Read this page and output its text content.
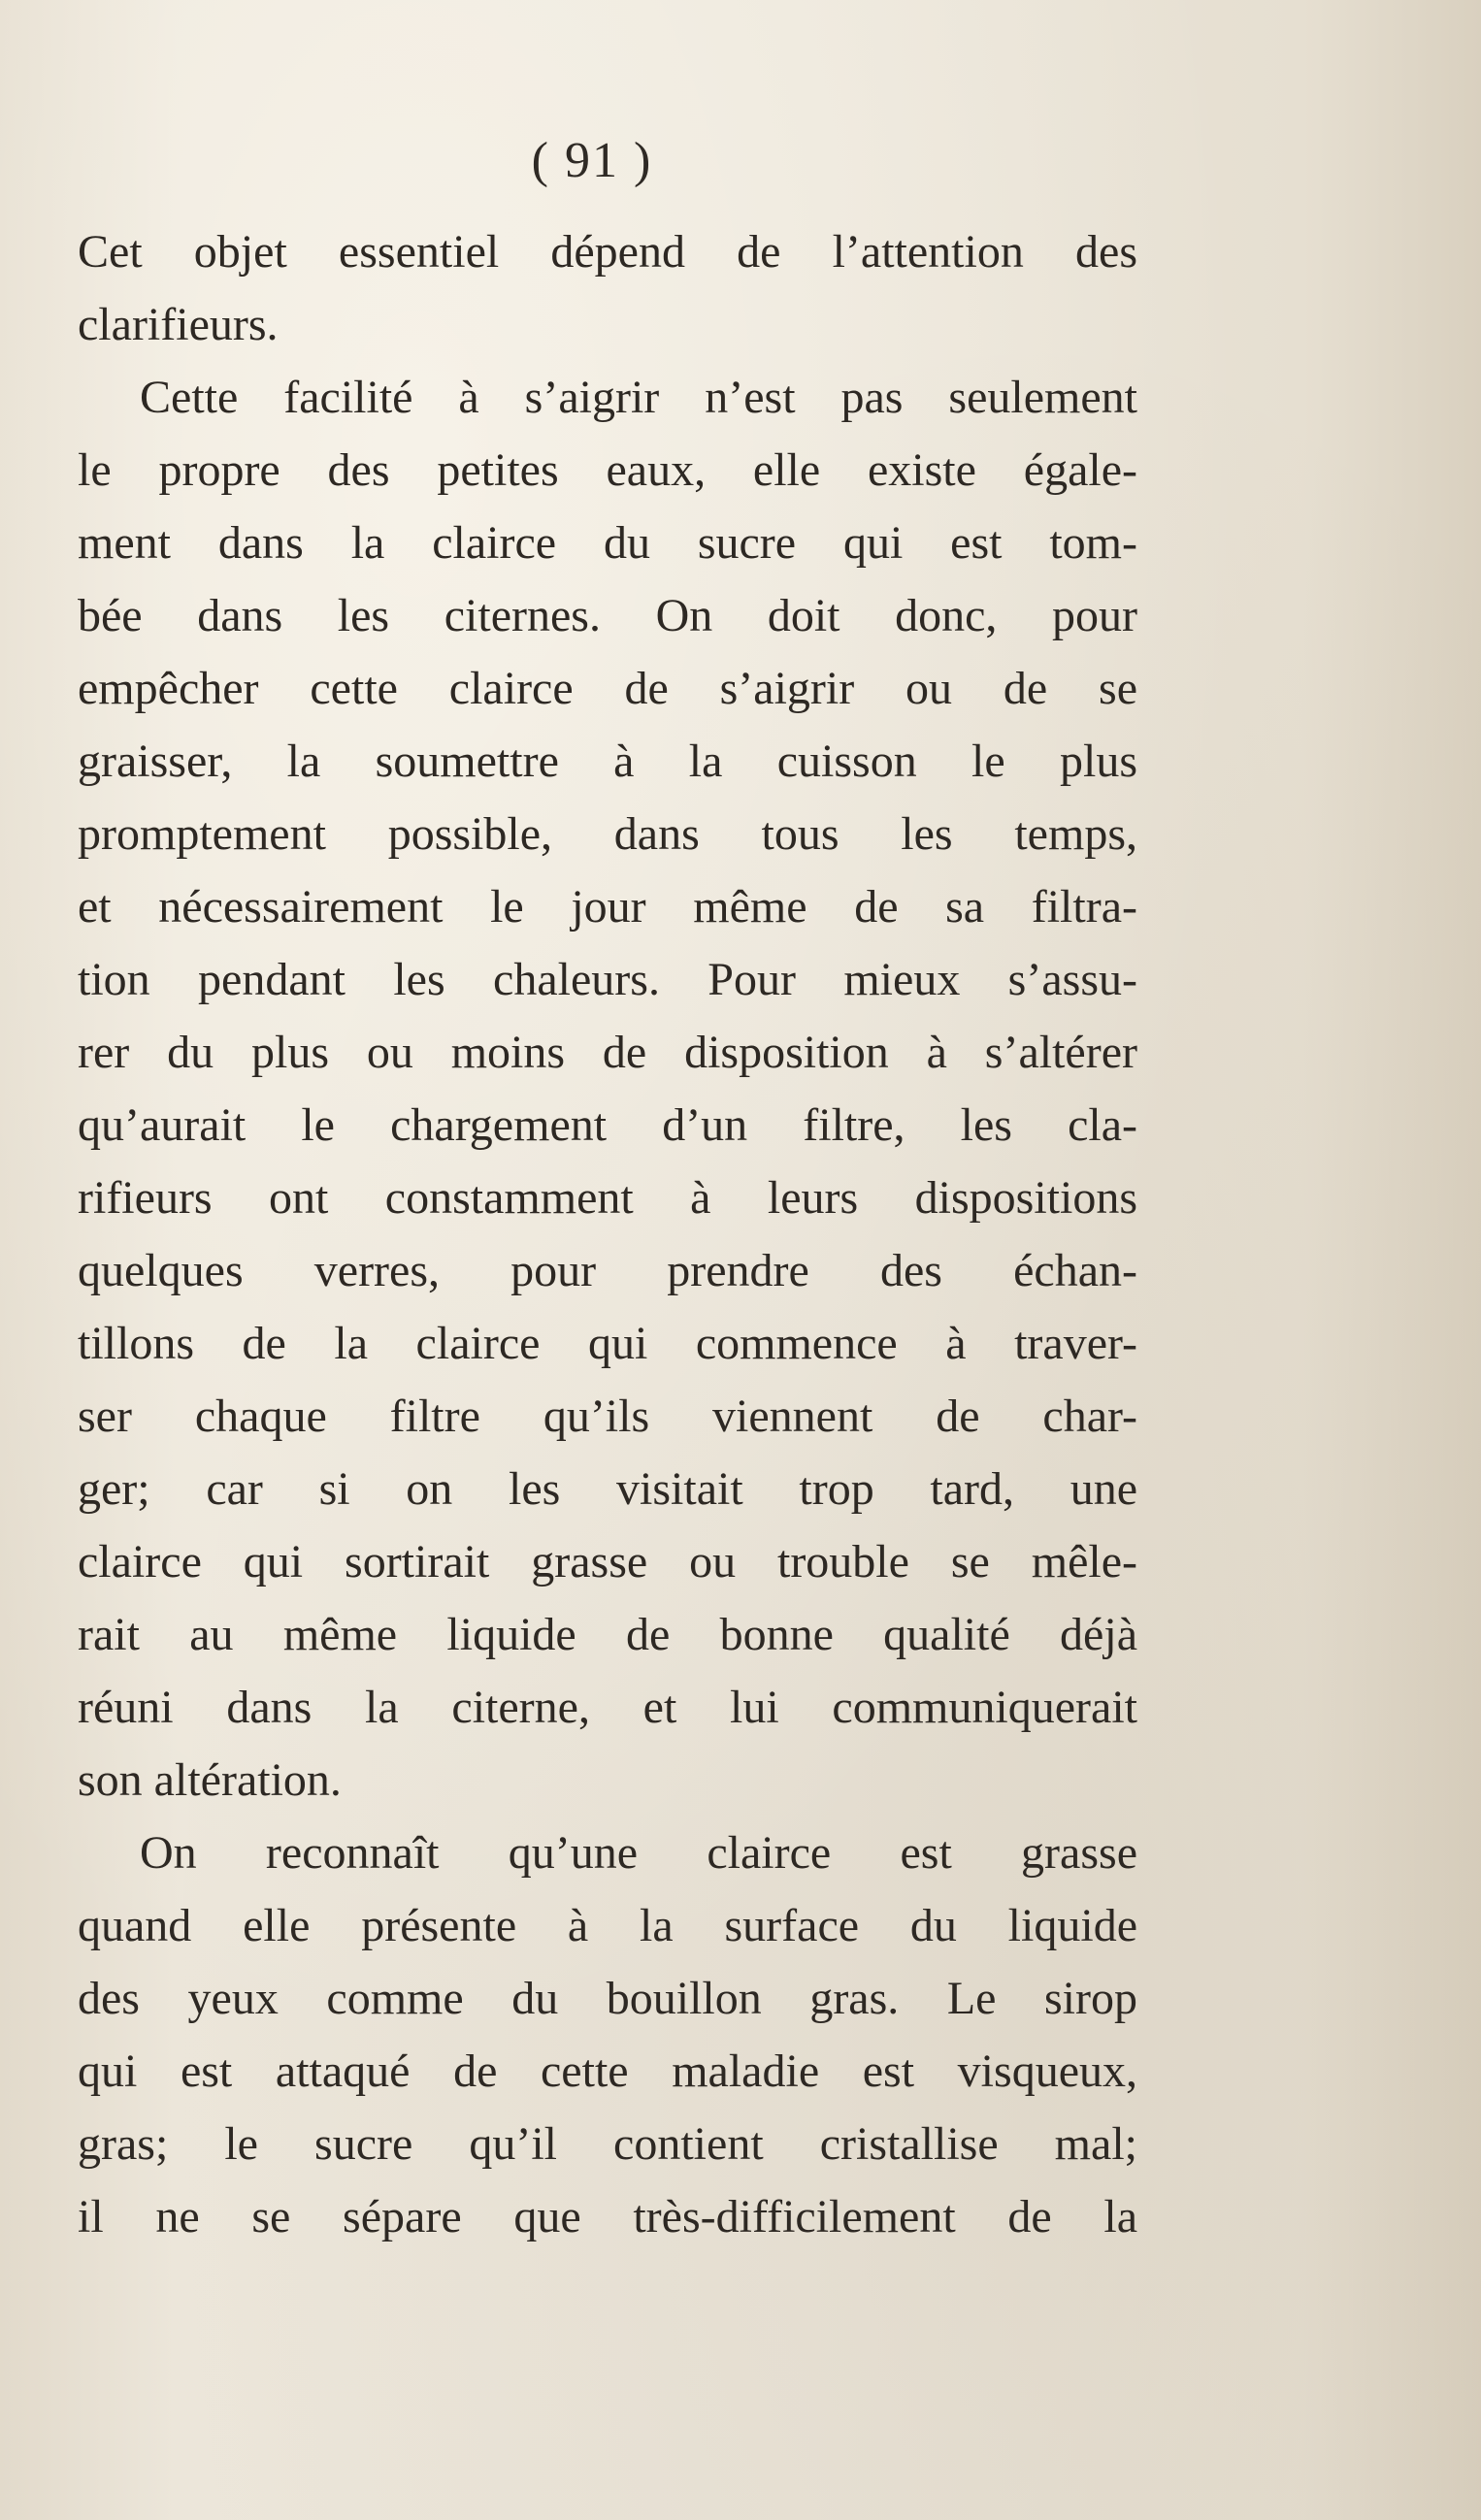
( 91 )
Cet objet essentiel dépend de l’attention des
clarifieurs.
Cette facilité à s’aigrir n’est pas seulement
le propre des petites eaux, elle existe égale-
ment dans la clairce du sucre qui est tom-
bée dans les citernes. On doit donc, pour
empêcher cette clairce de s’aigrir ou de se
graisser, la soumettre à la cuisson le plus
promptement possible, dans tous les temps,
et nécessairement le jour même de sa filtra-
tion pendant les chaleurs. Pour mieux s’assu-
rer du plus ou moins de disposition à s’altérer
qu’aurait le chargement d’un filtre, les cla-
rifieurs ont constamment à leurs dispositions
quelques verres, pour prendre des échan-
tillons de la clairce qui commence à traver-
ser chaque filtre qu’ils viennent de char-
ger; car si on les visitait trop tard, une
clairce qui sortirait grasse ou trouble se mêle-
rait au même liquide de bonne qualité déjà
réuni dans la citerne, et lui communiquerait
son altération.
On reconnaît qu’une clairce est grasse
quand elle présente à la surface du liquide
des yeux comme du bouillon gras. Le sirop
qui est attaqué de cette maladie est visqueux,
gras; le sucre qu’il contient cristallise mal;
il ne se sépare que très-difficilement de la
